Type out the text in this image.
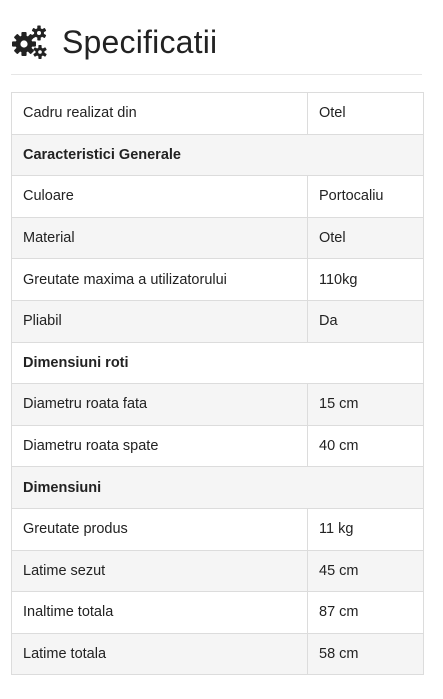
Specificatii
Cadru realizat din	Otel
Caracteristici Generale	
Culoare	Portocaliu
Material	Otel
Greutate maxima a utilizatorului	110kg
Pliabil	Da
Dimensiuni roti	
Diametru roata fata	15 cm
Diametru roata spate	40 cm
Dimensiuni	
Greutate produs	11 kg
Latime sezut	45 cm
Inaltime totala	87 cm
Latime totala	58 cm
